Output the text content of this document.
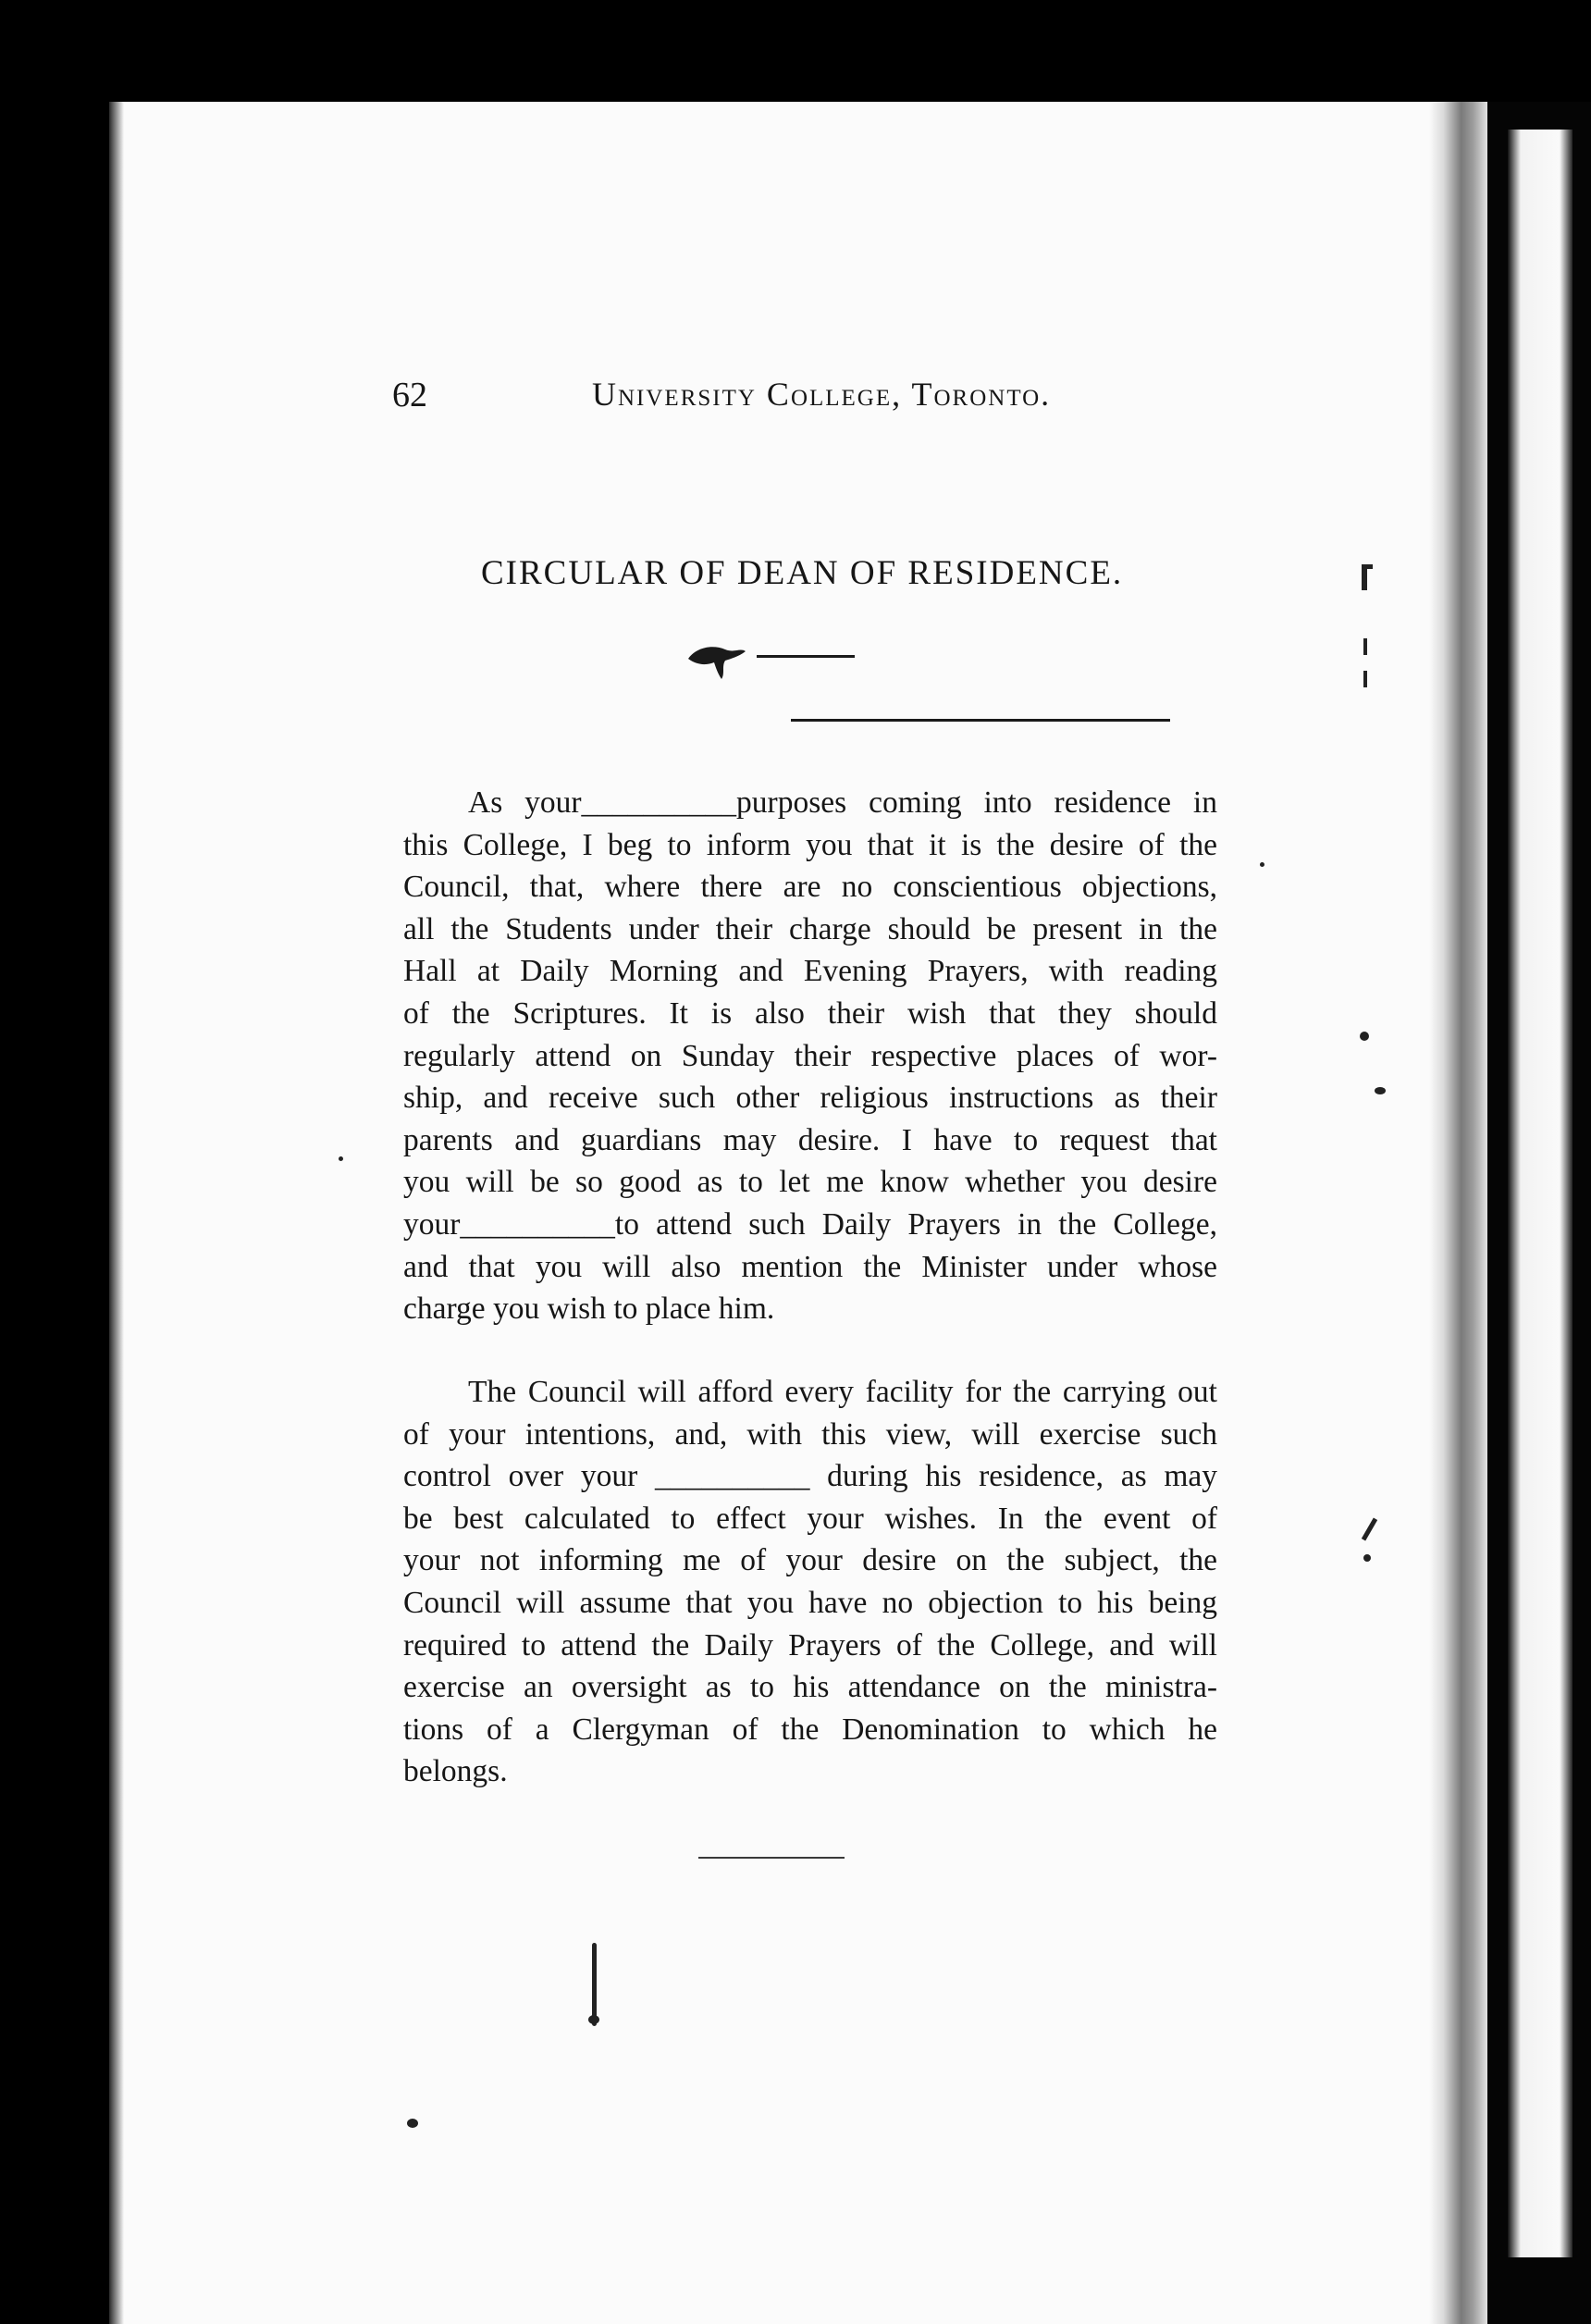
62	University College, Toronto.
CIRCULAR OF DEAN OF RESIDENCE.
As your__________purposes coming into residence in
this College, I beg to inform you that it is the desire of the
Council, that, where there are no conscientious objections,
all the Students under their charge should be present in the
Hall at Daily Morning and Evening Prayers, with reading
of the Scriptures. It is also their wish that they should
regularly attend on Sunday their respective places of wor-
ship, and receive such other religious instructions as their
parents and guardians may desire. I have to request that
you will be so good as to let me know whether you desire
your__________to attend such Daily Prayers in the College,
and that you will also mention the Minister under whose
charge you wish to place him.
The Council will afford every facility for the carrying out
of your intentions, and, with this view, will exercise such
control over your __________ during his residence, as may
be best calculated to effect your wishes. In the event of
your not informing me of your desire on the subject, the
Council will assume that you have no objection to his being
required to attend the Daily Prayers of the College, and will
exercise an oversight as to his attendance on the ministra-
tions of a Clergyman of the Denomination to which he
belongs.
